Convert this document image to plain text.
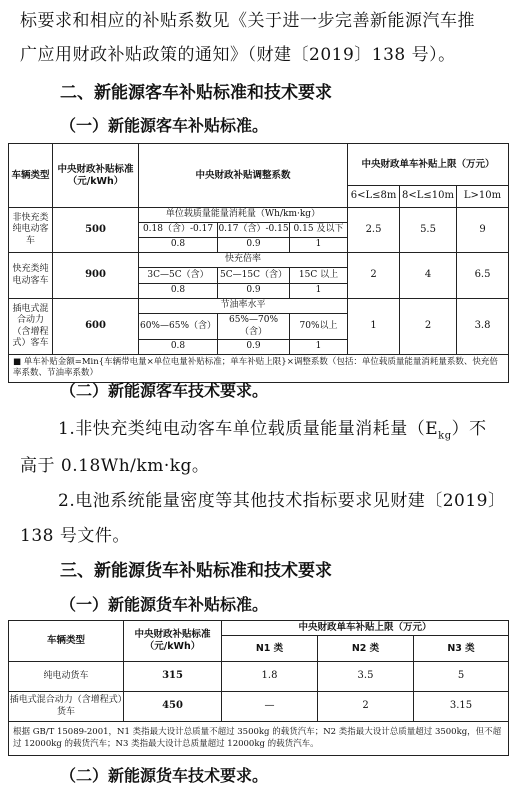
标要求和相应的补贴系数见《关于进一步完善新能源汽车推
广应用财政补贴政策的通知》（财建〔2019〕138 号）。
二、新能源客车补贴标准和技术要求
（一）新能源客车补贴标准。
车辆类型	中央财政补贴标准（元/kWh）	中央财政补贴调整系数			中央财政单车补贴上限（万元）		
					6<L≤8m	8<L≤10m	L>10m
非快充类纯电动客车	500	单位载质量能量消耗量（Wh/km·kg）			2.5	5.5	9
		0.18（含）-0.17	0.17（含）-0.15	0.15 及以下			
		0.8	0.9	1			
快充类纯电动客车	900	快充倍率			2	4	6.5
		3C—5C（含）	5C—15C（含）	15C 以上			
		0.8	0.9	1			
插电式混合动力（含增程式）客车	600	节油率水平			1	2	3.8
		60%—65%（含）	65%—70%（含）	70%以上			
		0.8	0.9	1			
■ 单车补贴金额=Min{车辆带电量×单位电量补贴标准；单车补贴上限}×调整系数（包括：单位载质量能量消耗量系数、快充倍率系数、节油率系数）							
（二）新能源客车技术要求。
1.非快充类纯电动客车单位载质量能量消耗量$(E_{kg})$不
高于 0.18Wh/km·kg。
2.电池系统能量密度等其他技术指标要求见财建〔2019〕
138 号文件。
三、新能源货车补贴标准和技术要求
（一）新能源货车补贴标准。
车辆类型	中央财政补贴标准（元/kWh）	中央财政单车补贴上限（万元）		
		N1 类	N2 类	N3 类
纯电动货车	315	1.8	3.5	5
插电式混合动力（含增程式）货车	450	—	2	3.15
根据 GB/T 15089-2001，N1 类指最大设计总质量不超过 3500kg 的载货汽车；N2 类指最大设计总质量超过 3500kg，但不超过 12000kg 的载货汽车；N3 类指最大设计总质量超过 12000kg 的载货汽车。				
（二）新能源货车技术要求。
